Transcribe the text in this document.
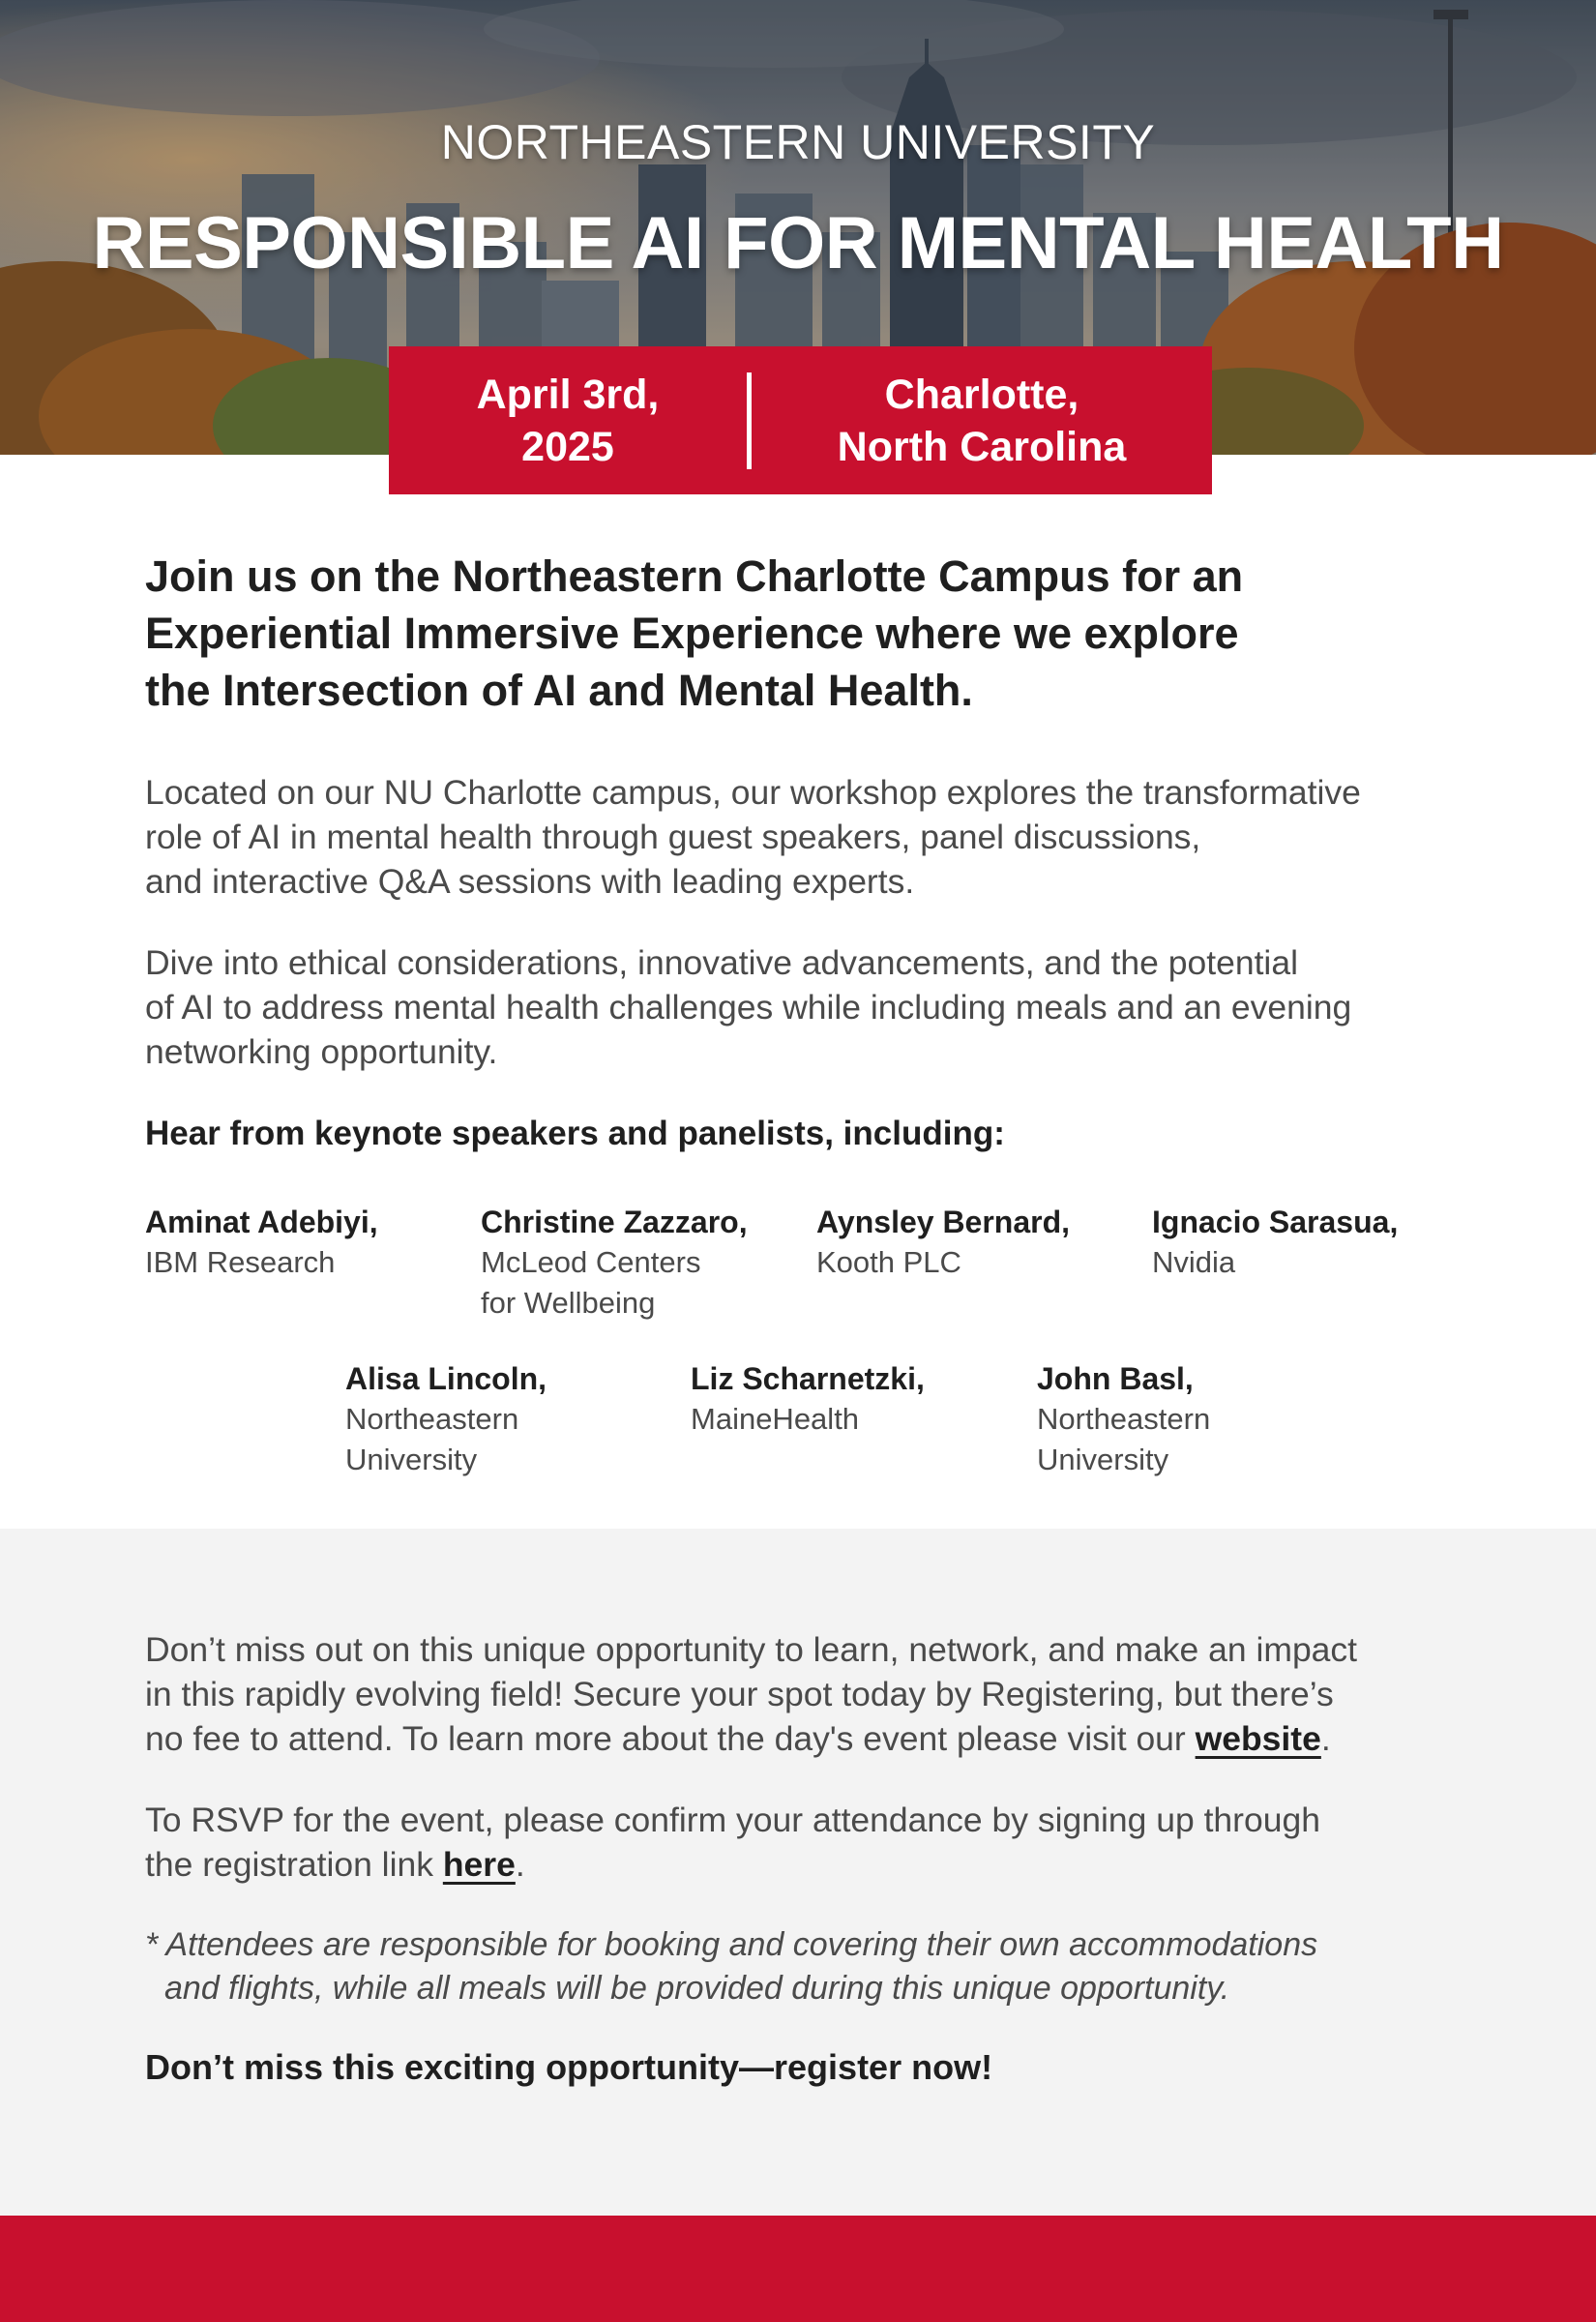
NORTHEASTERN UNIVERSITY
RESPONSIBLE AI FOR MENTAL HEALTH
April 3rd,
2025
Charlotte,
North Carolina
Join us on the Northeastern Charlotte Campus for an
Experiential Immersive Experience where we explore
the Intersection of AI and Mental Health.
Located on our NU Charlotte campus, our workshop explores the transformative
role of AI in mental health through guest speakers, panel discussions,
and interactive Q&A sessions with leading experts.
Dive into ethical considerations, innovative advancements, and the potential
of AI to address mental health challenges while including meals and an evening
networking opportunity.
Hear from keynote speakers and panelists, including:
Aminat Adebiyi,
IBM Research
Christine Zazzaro,
McLeod Centers for Wellbeing
Aynsley Bernard,
Kooth PLC
Ignacio Sarasua,
Nvidia
Alisa Lincoln,
Northeastern University
Liz Scharnetzki,
MaineHealth
John Basl,
Northeastern University
Don’t miss out on this unique opportunity to learn, network, and make an impact
in this rapidly evolving field! Secure your spot today by Registering, but there’s
no fee to attend. To learn more about the day's event please visit our website.
To RSVP for the event, please confirm your attendance by signing up through
the registration link here.
* Attendees are responsible for booking and covering their own accommodations
and flights, while all meals will be provided during this unique opportunity.
Don’t miss this exciting opportunity—register now!
